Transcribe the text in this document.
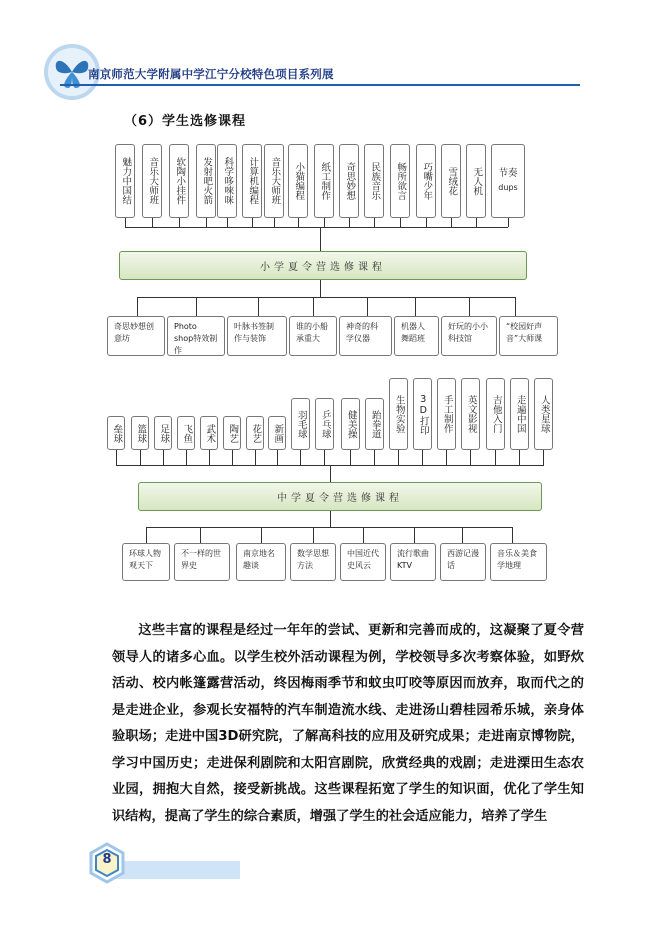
南京师范大学附属中学江宁分校特色项目系列展
（6）学生选修课程
魅力中国结	音乐大师班	软陶小挂件	发射吧火箭	科学哆唻咪	计算机编程	音乐大师班	小猫编程	纸工制作	奇思妙想	民族音乐	畅所欲言	巧嘴少年	雪绒花	无人机	节奏
dups
小学夏令营选修课程
奇思妙想创意坊
Photo shop特效制作
叶脉书签制作与装饰
谁的小船承重大
神奇的科学仪器
机器人舞蹈班
好玩的小小科技馆
“校园好声音”大师课
垒球	篮球	足球	飞鱼	武术	陶艺	花艺	新画	羽毛球	乒乓球	健美操	跆拳道	生物实验	3D打印	手工制作	英文影视	吉他入门	走遍中国	人类星球
中学夏令营选修课程
环球人物观天下
不一样的世界史
南京地名趣谈
数学思想方法
中国近代史风云
流行歌曲KTV
西游记漫话
音乐＆美食学地理
这些丰富的课程是经过一年年的尝试、更新和完善而成的，这凝聚了夏令营领导人的诸多心血。以学生校外活动课程为例，学校领导多次考察体验，如野炊活动、校内帐篷露营活动，终因梅雨季节和蚊虫叮咬等原因而放弃，取而代之的是走进企业，参观长安福特的汽车制造流水线、走进汤山碧桂园希乐城，亲身体验职场；走进中国3D研究院，了解高科技的应用及研究成果；走进南京博物院，学习中国历史；走进保利剧院和太阳宫剧院，欣赏经典的戏剧；走进溧田生态农业园，拥抱大自然，接受新挑战。这些课程拓宽了学生的知识面，优化了学生知识结构，提高了学生的综合素质，增强了学生的社会适应能力，培养了学生
8
